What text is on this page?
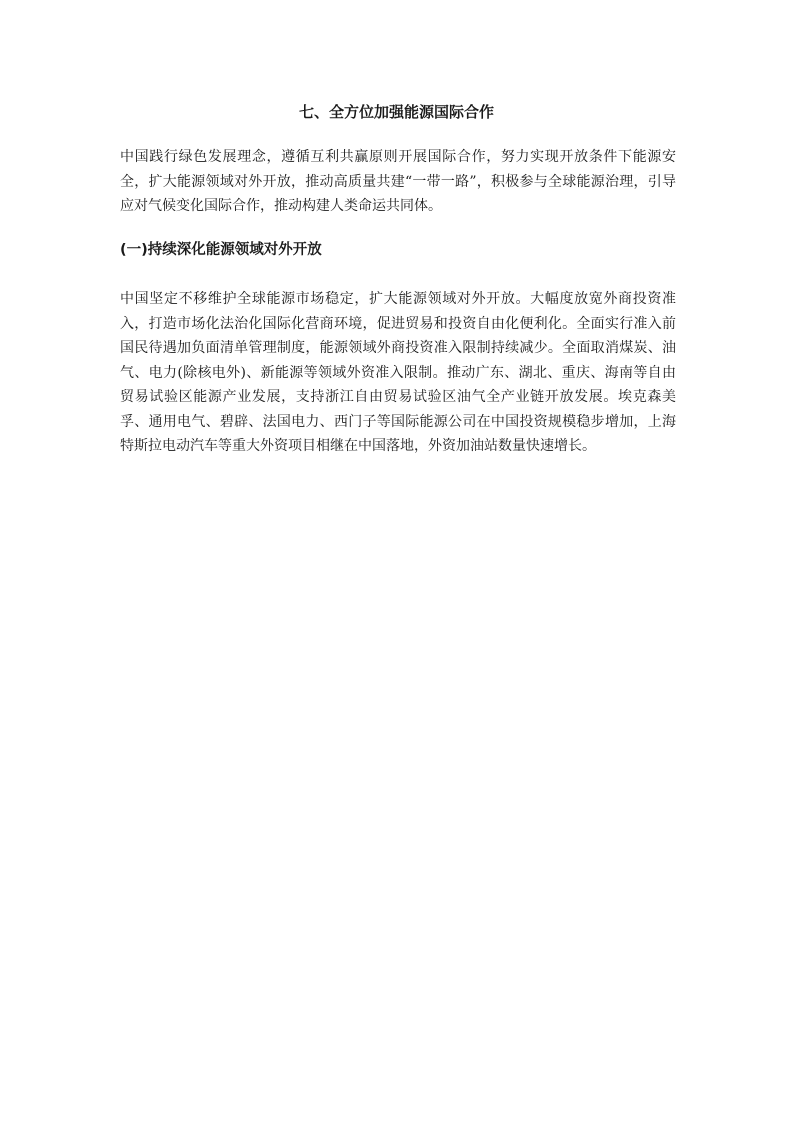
七、全方位加强能源国际合作

中国践行绿色发展理念，遵循互利共赢原则开展国际合作，努力实现开放条件下能源安全，扩大能源领域对外开放，推动高质量共建“一带一路”，积极参与全球能源治理，引导应对气候变化国际合作，推动构建人类命运共同体。

(一)持续深化能源领域对外开放

中国坚定不移维护全球能源市场稳定，扩大能源领域对外开放。大幅度放宽外商投资准入，打造市场化法治化国际化营商环境，促进贸易和投资自由化便利化。全面实行准入前国民待遇加负面清单管理制度，能源领域外商投资准入限制持续减少。全面取消煤炭、油气、电力(除核电外)、新能源等领域外资准入限制。推动广东、湖北、重庆、海南等自由贸易试验区能源产业发展，支持浙江自由贸易试验区油气全产业链开放发展。埃克森美孚、通用电气、碧辟、法国电力、西门子等国际能源公司在中国投资规模稳步增加，上海特斯拉电动汽车等重大外资项目相继在中国落地，外资加油站数量快速增长。
